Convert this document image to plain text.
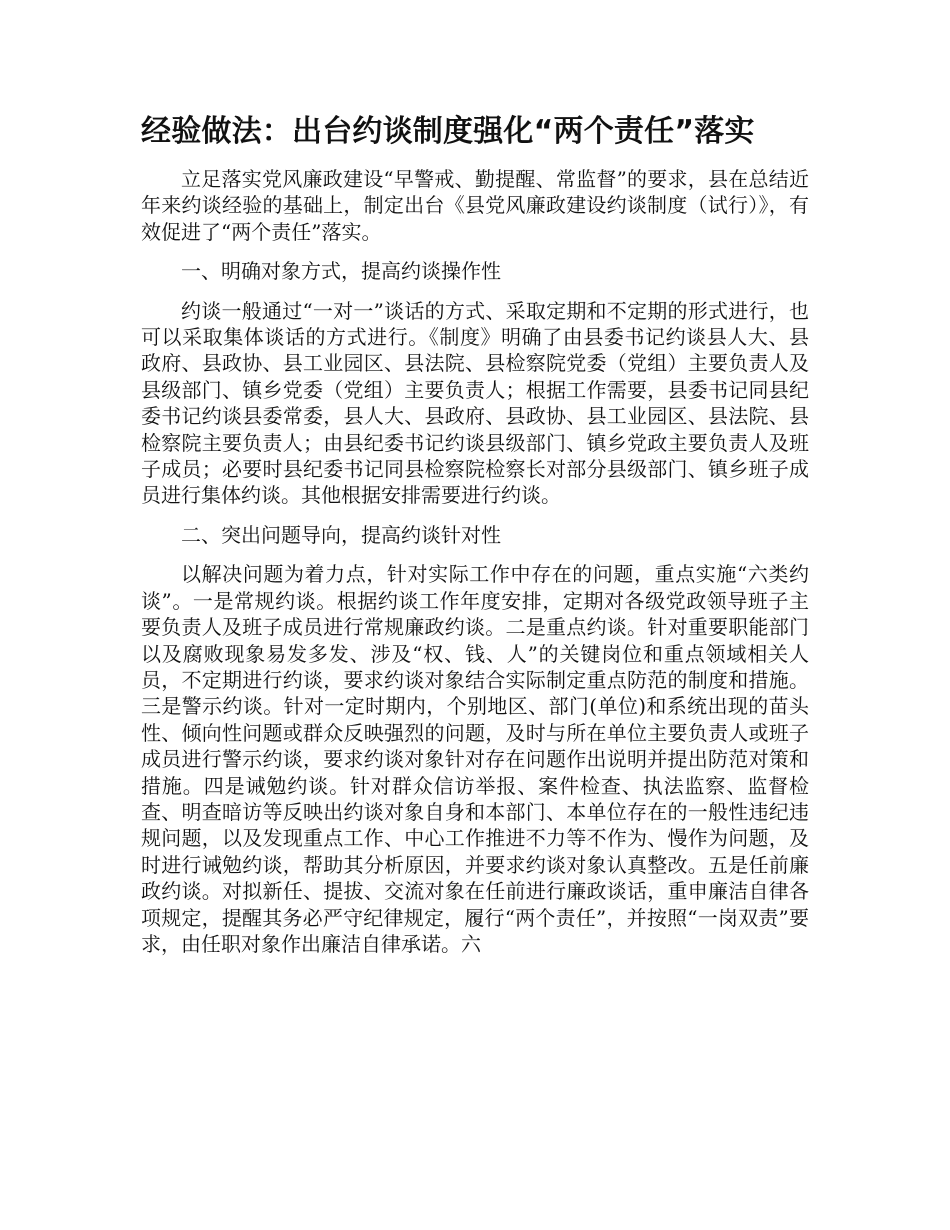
经验做法：出台约谈制度强化“两个责任”落实

立足落实党风廉政建设“早警戒、勤提醒、常监督”的要求，县在总结近年来约谈经验的基础上，制定出台《县党风廉政建设约谈制度（试行）》，有效促进了“两个责任”落实。

一、明确对象方式，提高约谈操作性

约谈一般通过“一对一”谈话的方式、采取定期和不定期的形式进行，也可以采取集体谈话的方式进行。《制度》明确了由县委书记约谈县人大、县政府、县政协、县工业园区、县法院、县检察院党委（党组）主要负责人及县级部门、镇乡党委（党组）主要负责人；根据工作需要，县委书记同县纪委书记约谈县委常委，县人大、县政府、县政协、县工业园区、县法院、县检察院主要负责人；由县纪委书记约谈县级部门、镇乡党政主要负责人及班子成员；必要时县纪委书记同县检察院检察长对部分县级部门、镇乡班子成员进行集体约谈。其他根据安排需要进行约谈。

二、突出问题导向，提高约谈针对性

以解决问题为着力点，针对实际工作中存在的问题，重点实施“六类约谈”。一是常规约谈。根据约谈工作年度安排，定期对各级党政领导班子主要负责人及班子成员进行常规廉政约谈。二是重点约谈。针对重要职能部门以及腐败现象易发多发、涉及“权、钱、人”的关键岗位和重点领域相关人员，不定期进行约谈，要求约谈对象结合实际制定重点防范的制度和措施。三是警示约谈。针对一定时期内，个别地区、部门(单位)和系统出现的苗头性、倾向性问题或群众反映强烈的问题，及时与所在单位主要负责人或班子成员进行警示约谈，要求约谈对象针对存在问题作出说明并提出防范对策和措施。四是诫勉约谈。针对群众信访举报、案件检查、执法监察、监督检查、明查暗访等反映出约谈对象自身和本部门、本单位存在的一般性违纪违规问题，以及发现重点工作、中心工作推进不力等不作为、慢作为问题，及时进行诫勉约谈，帮助其分析原因，并要求约谈对象认真整改。五是任前廉政约谈。对拟新任、提拔、交流对象在任前进行廉政谈话，重申廉洁自律各项规定，提醒其务必严守纪律规定，履行“两个责任”，并按照“一岗双责”要求，由任职对象作出廉洁自律承诺。六
